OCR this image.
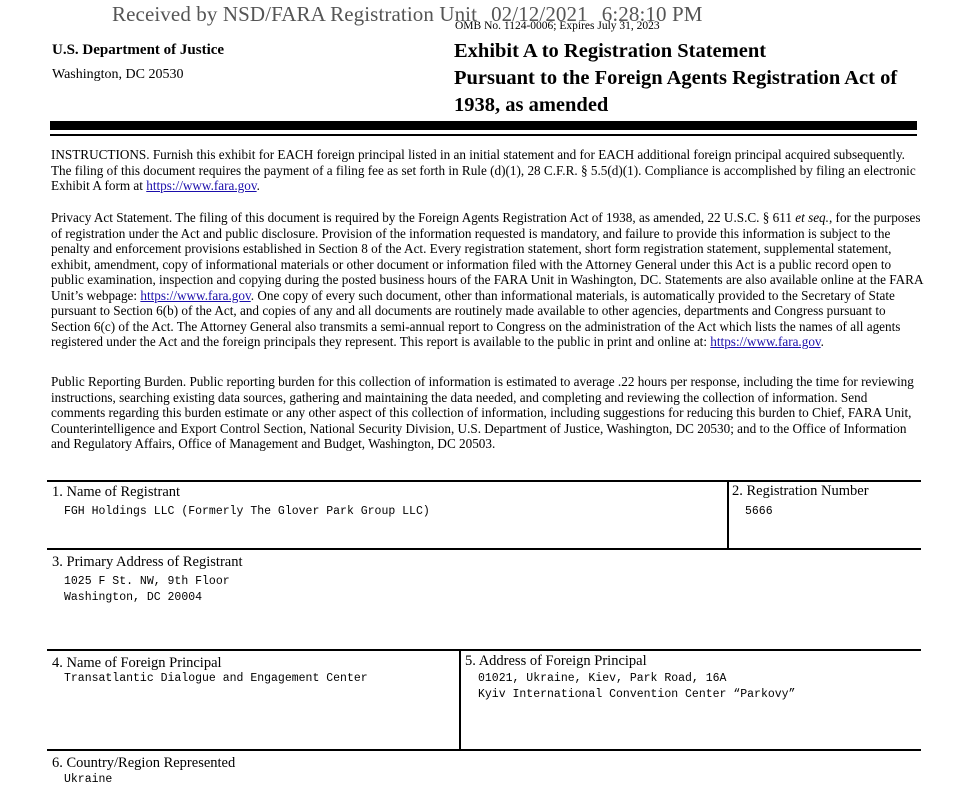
Received by NSD/FARA Registration Unit 02/12/2021 6:28:10 PM
OMB No. 1124-0006; Expires July 31, 2023
U.S. Department of Justice
Washington, DC 20530
Exhibit A to Registration Statement
Pursuant to the Foreign Agents Registration Act of
1938, as amended
INSTRUCTIONS. Furnish this exhibit for EACH foreign principal listed in an initial statement and for EACH additional foreign principal acquired subsequently. The filing of this document requires the payment of a filing fee as set forth in Rule (d)(1), 28 C.F.R. § 5.5(d)(1). Compliance is accomplished by filing an electronic Exhibit A form at https://www.fara.gov.
Privacy Act Statement. The filing of this document is required by the Foreign Agents Registration Act of 1938, as amended, 22 U.S.C. § 611 et seq., for the purposes of registration under the Act and public disclosure. Provision of the information requested is mandatory, and failure to provide this information is subject to the penalty and enforcement provisions established in Section 8 of the Act. Every registration statement, short form registration statement, supplemental statement, exhibit, amendment, copy of informational materials or other document or information filed with the Attorney General under this Act is a public record open to public examination, inspection and copying during the posted business hours of the FARA Unit in Washington, DC. Statements are also available online at the FARA Unit’s webpage: https://www.fara.gov. One copy of every such document, other than informational materials, is automatically provided to the Secretary of State pursuant to Section 6(b) of the Act, and copies of any and all documents are routinely made available to other agencies, departments and Congress pursuant to Section 6(c) of the Act. The Attorney General also transmits a semi-annual report to Congress on the administration of the Act which lists the names of all agents registered under the Act and the foreign principals they represent. This report is available to the public in print and online at: https://www.fara.gov.
Public Reporting Burden. Public reporting burden for this collection of information is estimated to average .22 hours per response, including the time for reviewing instructions, searching existing data sources, gathering and maintaining the data needed, and completing and reviewing the collection of information. Send comments regarding this burden estimate or any other aspect of this collection of information, including suggestions for reducing this burden to Chief, FARA Unit, Counterintelligence and Export Control Section, National Security Division, U.S. Department of Justice, Washington, DC 20530; and to the Office of Information and Regulatory Affairs, Office of Management and Budget, Washington, DC 20503.
1. Name of Registrant
FGH Holdings LLC (Formerly The Glover Park Group LLC)
2. Registration Number
5666
3. Primary Address of Registrant
1025 F St. NW, 9th Floor
Washington, DC 20004
4. Name of Foreign Principal
Transatlantic Dialogue and Engagement Center
5. Address of Foreign Principal
01021, Ukraine, Kiev, Park Road, 16A
Kyiv International Convention Center “Parkovy”
6. Country/Region Represented
Ukraine
